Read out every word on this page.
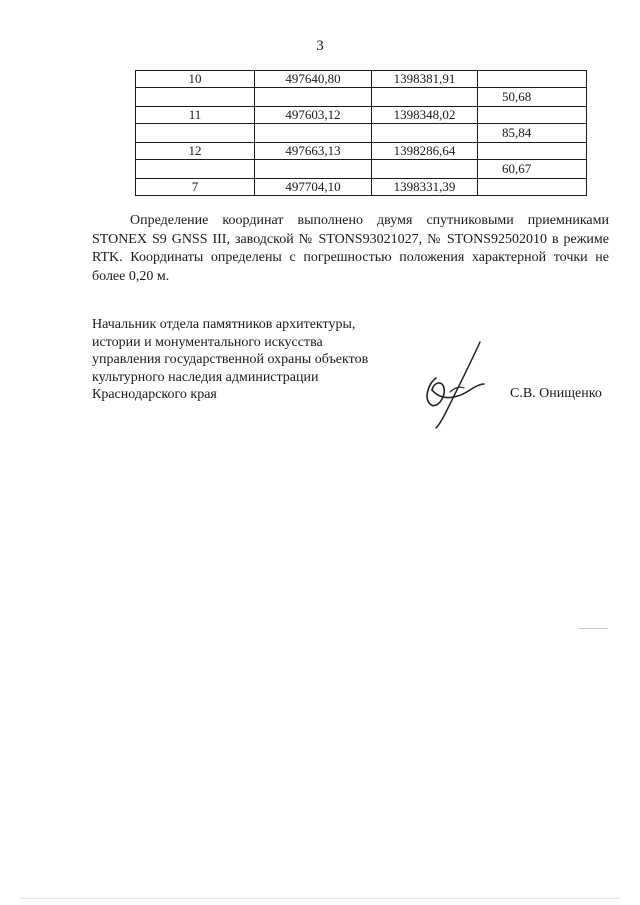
3
10	497640,80	1398381,91	
			50,68
11	497603,12	1398348,02	
			85,84
12	497663,13	1398286,64	
			60,67
7	497704,10	1398331,39	

Определение координат выполнено двумя спутниковыми приемниками STONEX S9 GNSS III, заводской № STONS93021027, № STONS92502010 в режиме RTK. Координаты определены с погрешностью положения характерной точки не более 0,20 м.

Начальник отдела памятников архитектуры,
истории и монументального искусства
управления государственной охраны объектов
культурного наследия администрации
Краснодарского края	С.В. Онищенко
